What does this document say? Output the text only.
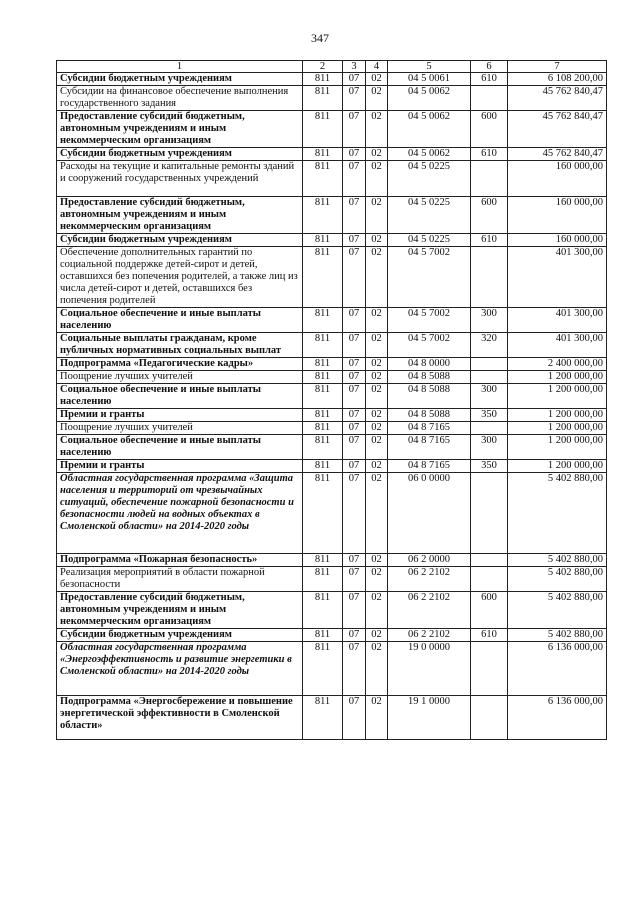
347
1	2	3	4	5	6	7
Субсидии бюджетным учреждениям	811	07	02	04 5 0061	610	6 108 200,00
Субсидии на финансовое обеспечение выполнения государственного задания	811	07	02	04 5 0062		45 762 840,47
Предоставление субсидий бюджетным, автономным учреждениям и иным некоммерческим организациям	811	07	02	04 5 0062	600	45 762 840,47
Субсидии бюджетным учреждениям	811	07	02	04 5 0062	610	45 762 840,47
Расходы на текущие и капитальные ремонты зданий и сооружений государственных учреждений	811	07	02	04 5 0225		160 000,00
Предоставление субсидий бюджетным, автономным учреждениям и иным некоммерческим организациям	811	07	02	04 5 0225	600	160 000,00
Субсидии бюджетным учреждениям	811	07	02	04 5 0225	610	160 000,00
Обеспечение дополнительных гарантий по социальной поддержке детей-сирот и детей, оставшихся без попечения родителей, а также лиц из числа детей-сирот и детей, оставшихся без попечения родителей	811	07	02	04 5 7002		401 300,00
Социальное обеспечение и иные выплаты населению	811	07	02	04 5 7002	300	401 300,00
Социальные выплаты гражданам, кроме публичных нормативных социальных выплат	811	07	02	04 5 7002	320	401 300,00
Подпрограмма «Педагогические кадры»	811	07	02	04 8 0000		2 400 000,00
Поощрение лучших учителей	811	07	02	04 8 5088		1 200 000,00
Социальное обеспечение и иные выплаты населению	811	07	02	04 8 5088	300	1 200 000,00
Премии и гранты	811	07	02	04 8 5088	350	1 200 000,00
Поощрение лучших учителей	811	07	02	04 8 7165		1 200 000,00
Социальное обеспечение и иные выплаты населению	811	07	02	04 8 7165	300	1 200 000,00
Премии и гранты	811	07	02	04 8 7165	350	1 200 000,00
Областная государственная программа «Защита населения и территорий от чрезвычайных ситуаций, обеспечение пожарной безопасности и безопасности людей на водных объектах в Смоленской области» на 2014-2020 годы	811	07	02	06 0 0000		5 402 880,00
Подпрограмма «Пожарная безопасность»	811	07	02	06 2 0000		5 402 880,00
Реализация мероприятий в области пожарной безопасности	811	07	02	06 2 2102		5 402 880,00
Предоставление субсидий бюджетным, автономным учреждениям и иным некоммерческим организациям	811	07	02	06 2 2102	600	5 402 880,00
Субсидии бюджетным учреждениям	811	07	02	06 2 2102	610	5 402 880,00
Областная государственная программа «Энергоэффективность и развитие энергетики в Смоленской области» на 2014-2020 годы	811	07	02	19 0 0000		6 136 000,00
Подпрограмма «Энергосбережение и повышение энергетической эффективности в Смоленской области»	811	07	02	19 1 0000		6 136 000,00
